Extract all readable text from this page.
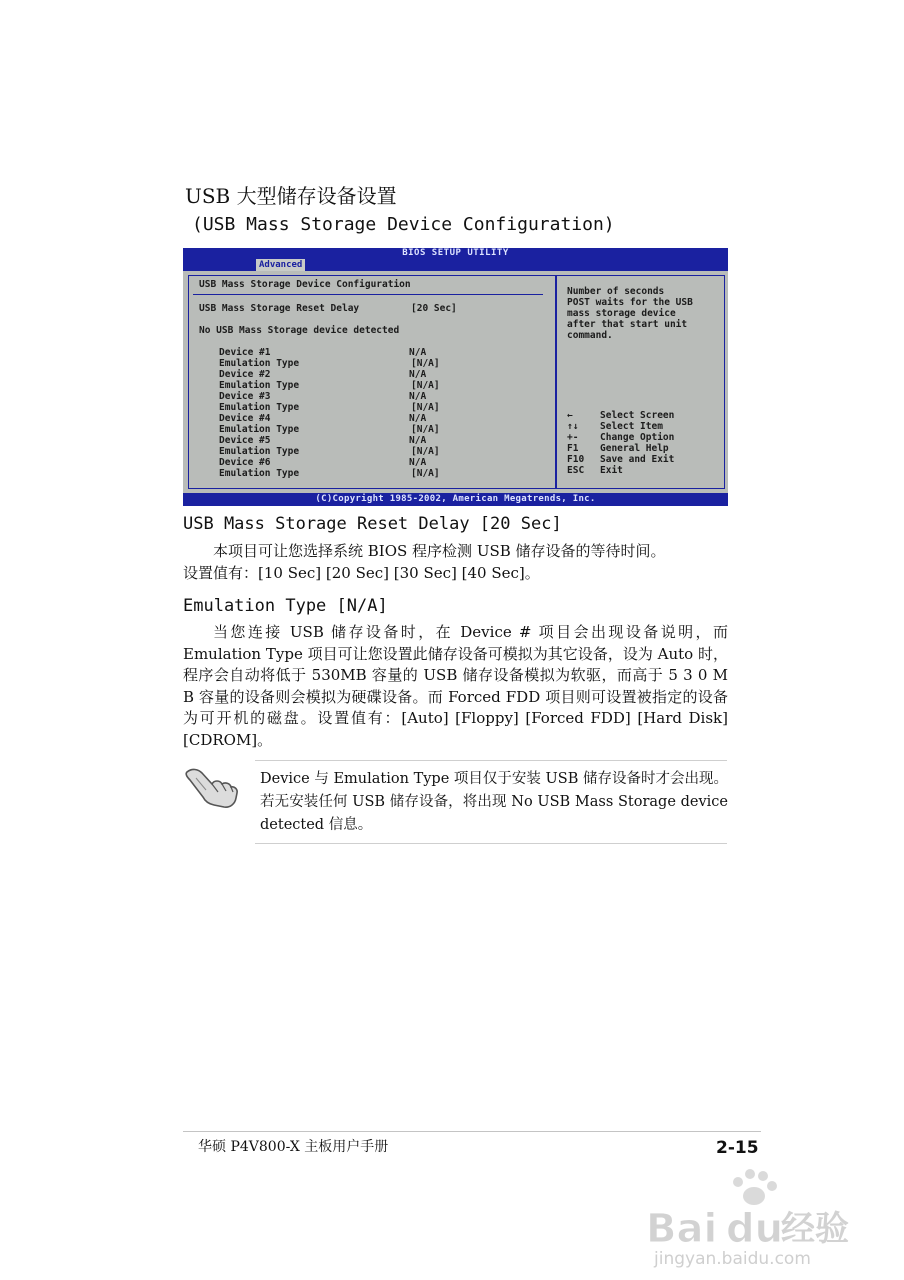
USB 大型储存设备设置
(USB Mass Storage Device Configuration)
BIOS SETUP UTILITY
Advanced
USB Mass Storage Device Configuration
USB Mass Storage Reset Delay	[20 Sec]
No USB Mass Storage device detected
Device #1	N/A
Emulation Type	[N/A]
Device #2	N/A
Emulation Type	[N/A]
Device #3	N/A
Emulation Type	[N/A]
Device #4	N/A
Emulation Type	[N/A]
Device #5	N/A
Emulation Type	[N/A]
Device #6	N/A
Emulation Type	[N/A]
Number of seconds
POST waits for the USB
mass storage device
after that start unit
command.
←	Select Screen
↑↓ Select Item
+- Change Option
F1 General Help
F10 Save and Exit
ESC Exit
(C)Copyright 1985-2002, American Megatrends, Inc.
USB Mass Storage Reset Delay [20 Sec]

本项目可让您选择系统 BIOS 程序检测 USB 储存设备的等待时间。

设置值有：[10 Sec] [20 Sec] [30 Sec] [40 Sec]。

Emulation Type [N/A]

当您连接 USB 储存设备时，在 Device # 项目会出现设备说明，而 Emulation Type 项目可让您设置此储存设备可模拟为其它设备，设为 Auto 时，程序会自动将低于 530MB 容量的 USB 储存设备模拟为软驱，而高于 5 3 0 M B 容量的设备则会模拟为硬碟设备。而 Forced FDD 项目则可设置被指定的设备为可开机的磁盘。设置值有：[Auto] [Floppy] [Forced FDD] [Hard Disk] [CDROM]。

Device 与 Emulation Type 项目仅于安装 USB 储存设备时才会出现。若无安装任何 USB 储存设备，将出现 No USB Mass Storage device detected 信息。
华硕 P4V800-X 主板用户手册	2-15
Bai du
经验
jingyan.baidu.com
